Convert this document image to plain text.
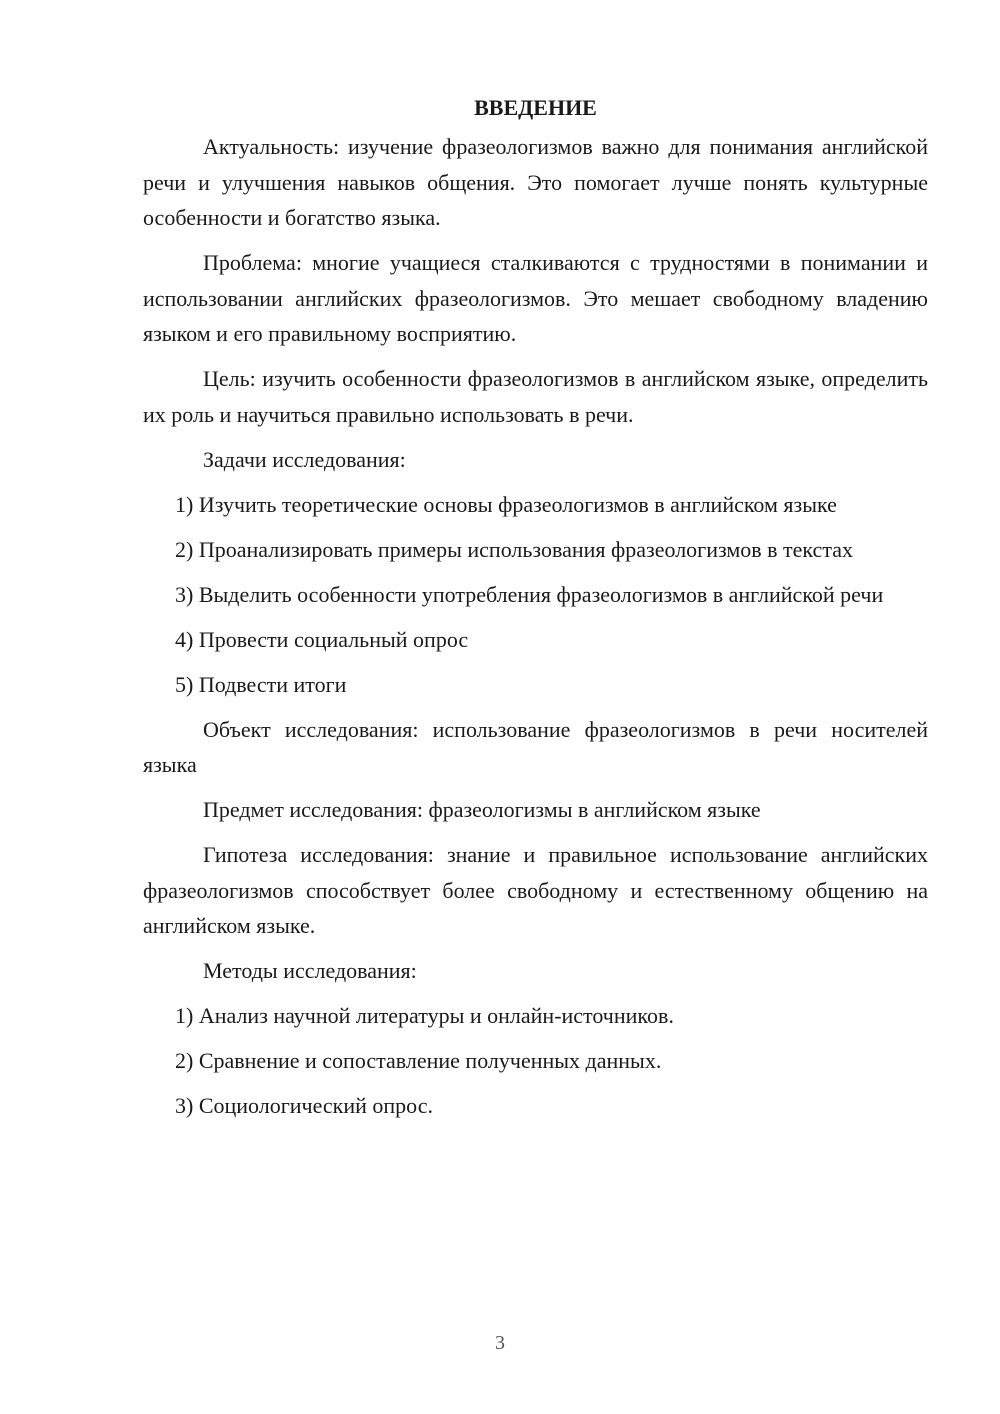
ВВЕДЕНИЕ

Актуальность: изучение фразеологизмов важно для понимания английской речи и улучшения навыков общения. Это помогает лучше понять культурные особенности и богатство языка.

Проблема: многие учащиеся сталкиваются с трудностями в понимании и использовании английских фразеологизмов. Это мешает свободному владению языком и его правильному восприятию.

Цель: изучить особенности фразеологизмов в английском языке, определить их роль и научиться правильно использовать в речи.

Задачи исследования:

1) Изучить теоретические основы фразеологизмов в английском языке

2) Проанализировать примеры использования фразеологизмов в текстах

3) Выделить особенности употребления фразеологизмов в английской речи

4) Провести социальный опрос

5) Подвести итоги

Объект исследования: использование фразеологизмов в речи носителей языка

Предмет исследования: фразеологизмы в английском языке

Гипотеза исследования: знание и правильное использование английских фразеологизмов способствует более свободному и естественному общению на английском языке.

Методы исследования:

1) Анализ научной литературы и онлайн-источников.

2) Сравнение и сопоставление полученных данных.

3) Социологический опрос.

3
